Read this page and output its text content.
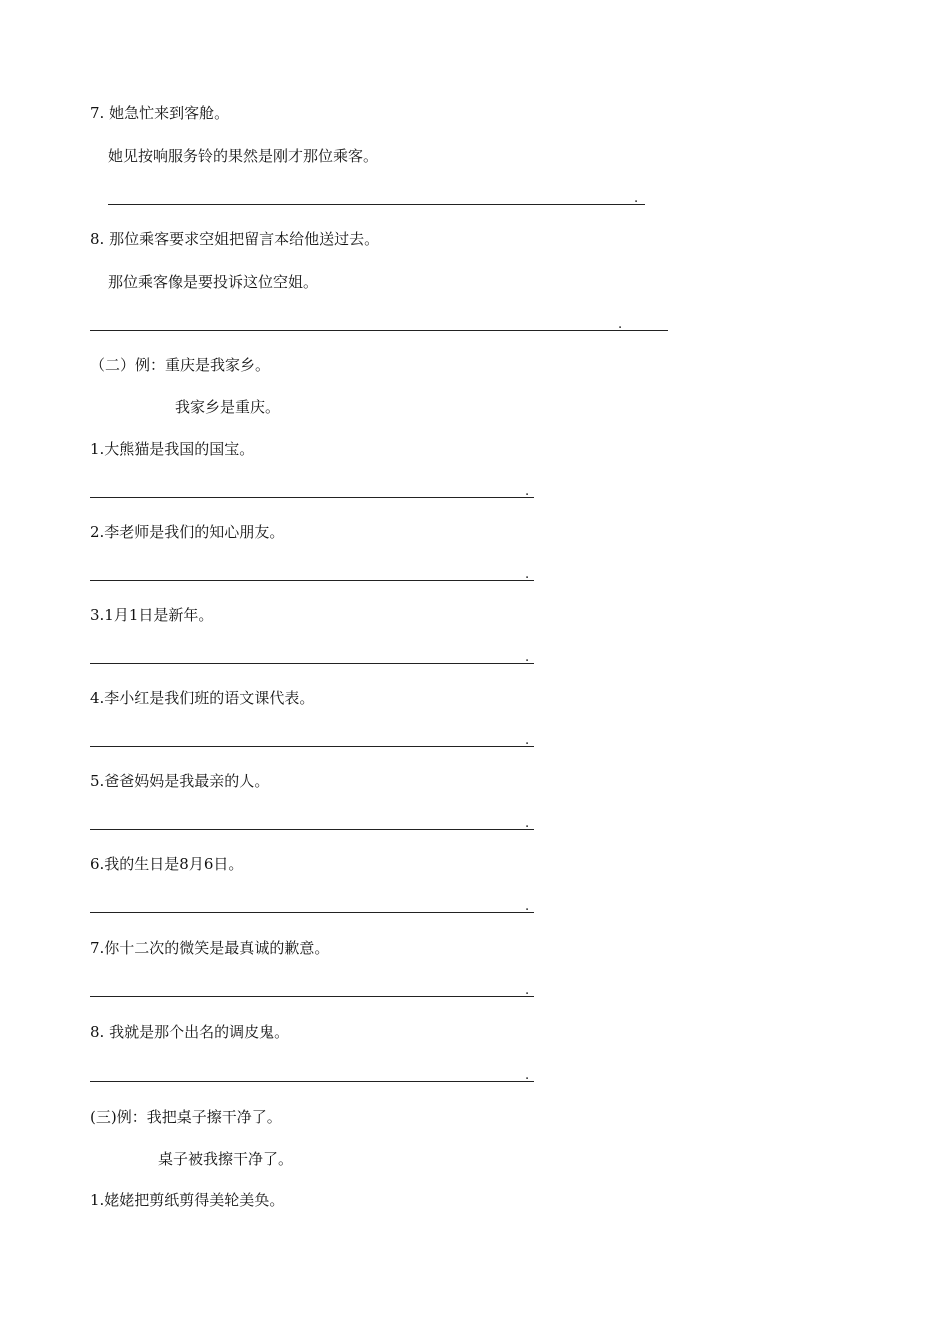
7. 她急忙来到客舱。
她见按响服务铃的果然是刚才那位乘客。
.
8. 那位乘客要求空姐把留言本给他送过去。
那位乘客像是要投诉这位空姐。
.
（二）例：重庆是我家乡。
我家乡是重庆。
1.大熊猫是我国的国宝。
.
2.李老师是我们的知心朋友。
.
3.1月1日是新年。
.
4.李小红是我们班的语文课代表。
.
5.爸爸妈妈是我最亲的人。
.
6.我的生日是8月6日。
.
7.你十二次的微笑是最真诚的歉意。
.
8. 我就是那个出名的调皮鬼。
.
(三)例：我把桌子擦干净了。
桌子被我擦干净了。
1.姥姥把剪纸剪得美轮美奂。
